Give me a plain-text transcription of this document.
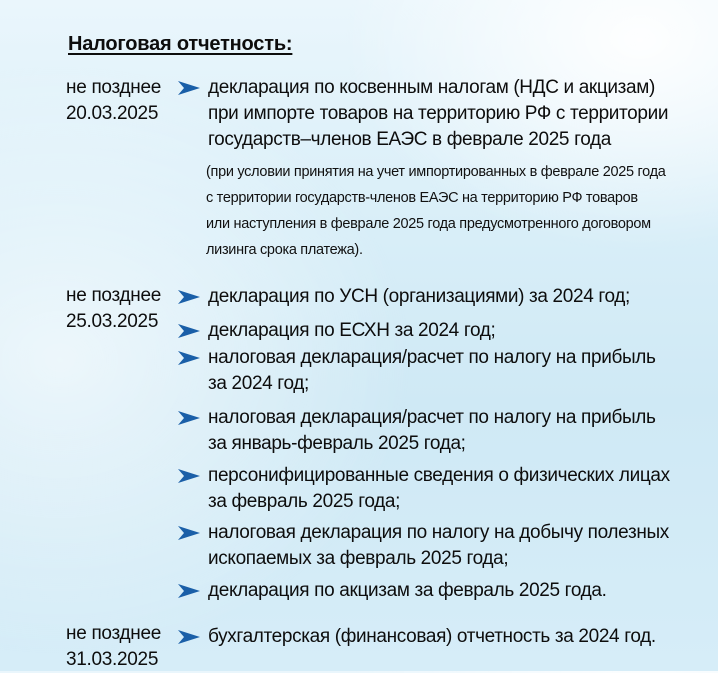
Налоговая отчетность:
не позднее
20.03.2025
декларация по косвенным налогам (НДС и акцизам)
при импорте товаров на территорию РФ с территории
государств–членов ЕАЭС в феврале 2025 года
(при условии принятия на учет импортированных в феврале 2025 года
с территории государств-членов ЕАЭС на территорию РФ товаров
или наступления в феврале 2025 года предусмотренного договором
лизинга срока платежа).
не позднее
25.03.2025
декларация по УСН (организациями) за 2024 год;
декларация по ЕСХН за 2024 год;
налоговая декларация/расчет по налогу на прибыль
за 2024 год;
налоговая декларация/расчет по налогу на прибыль
за январь-февраль 2025 года;
персонифицированные сведения о физических лицах
за февраль 2025 года;
налоговая декларация по налогу на добычу полезных
ископаемых за февраль 2025 года;
декларация по акцизам за февраль 2025 года.
не позднее
31.03.2025
бухгалтерская (финансовая) отчетность за 2024 год.
